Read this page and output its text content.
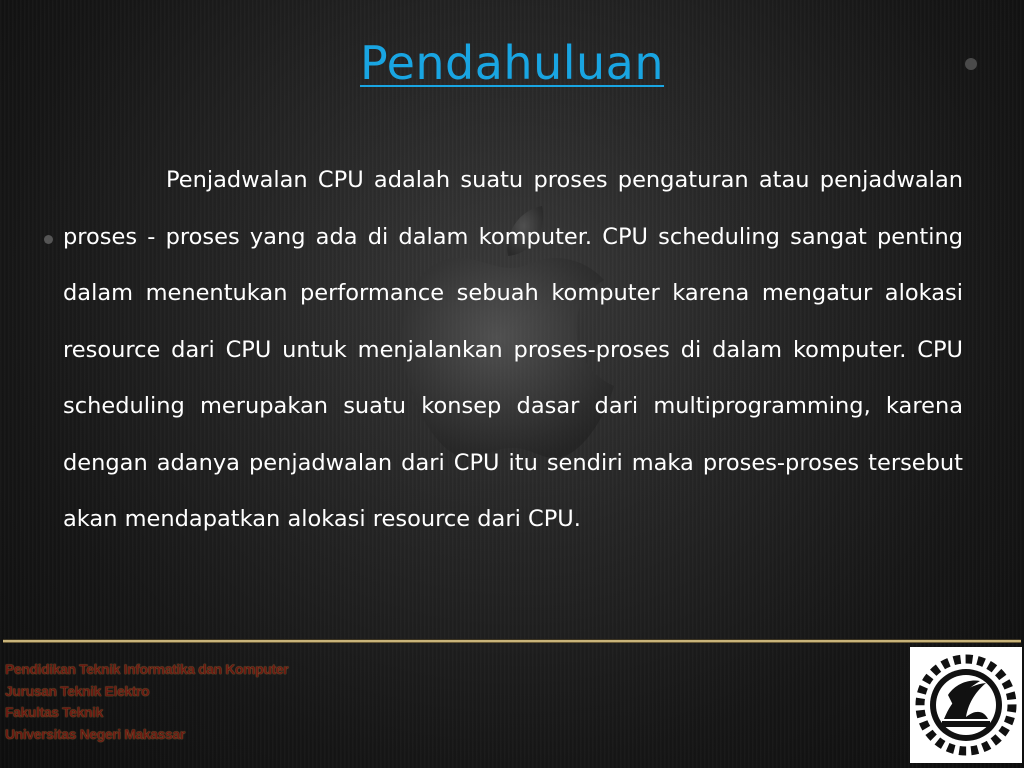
Pendahuluan

Penjadwalan CPU adalah suatu proses pengaturan atau penjadwalan proses - proses yang ada di dalam komputer. CPU scheduling sangat penting dalam menentukan performance sebuah komputer karena mengatur alokasi resource dari CPU untuk menjalankan proses-proses di dalam komputer. CPU scheduling merupakan suatu konsep dasar dari multiprogramming, karena dengan adanya penjadwalan dari CPU itu sendiri maka proses-proses tersebut akan mendapatkan alokasi resource dari CPU.

Pendidikan Teknik Informatika dan Komputer
Jurusan Teknik Elektro
Fakultas Teknik
Universitas Negeri Makassar
